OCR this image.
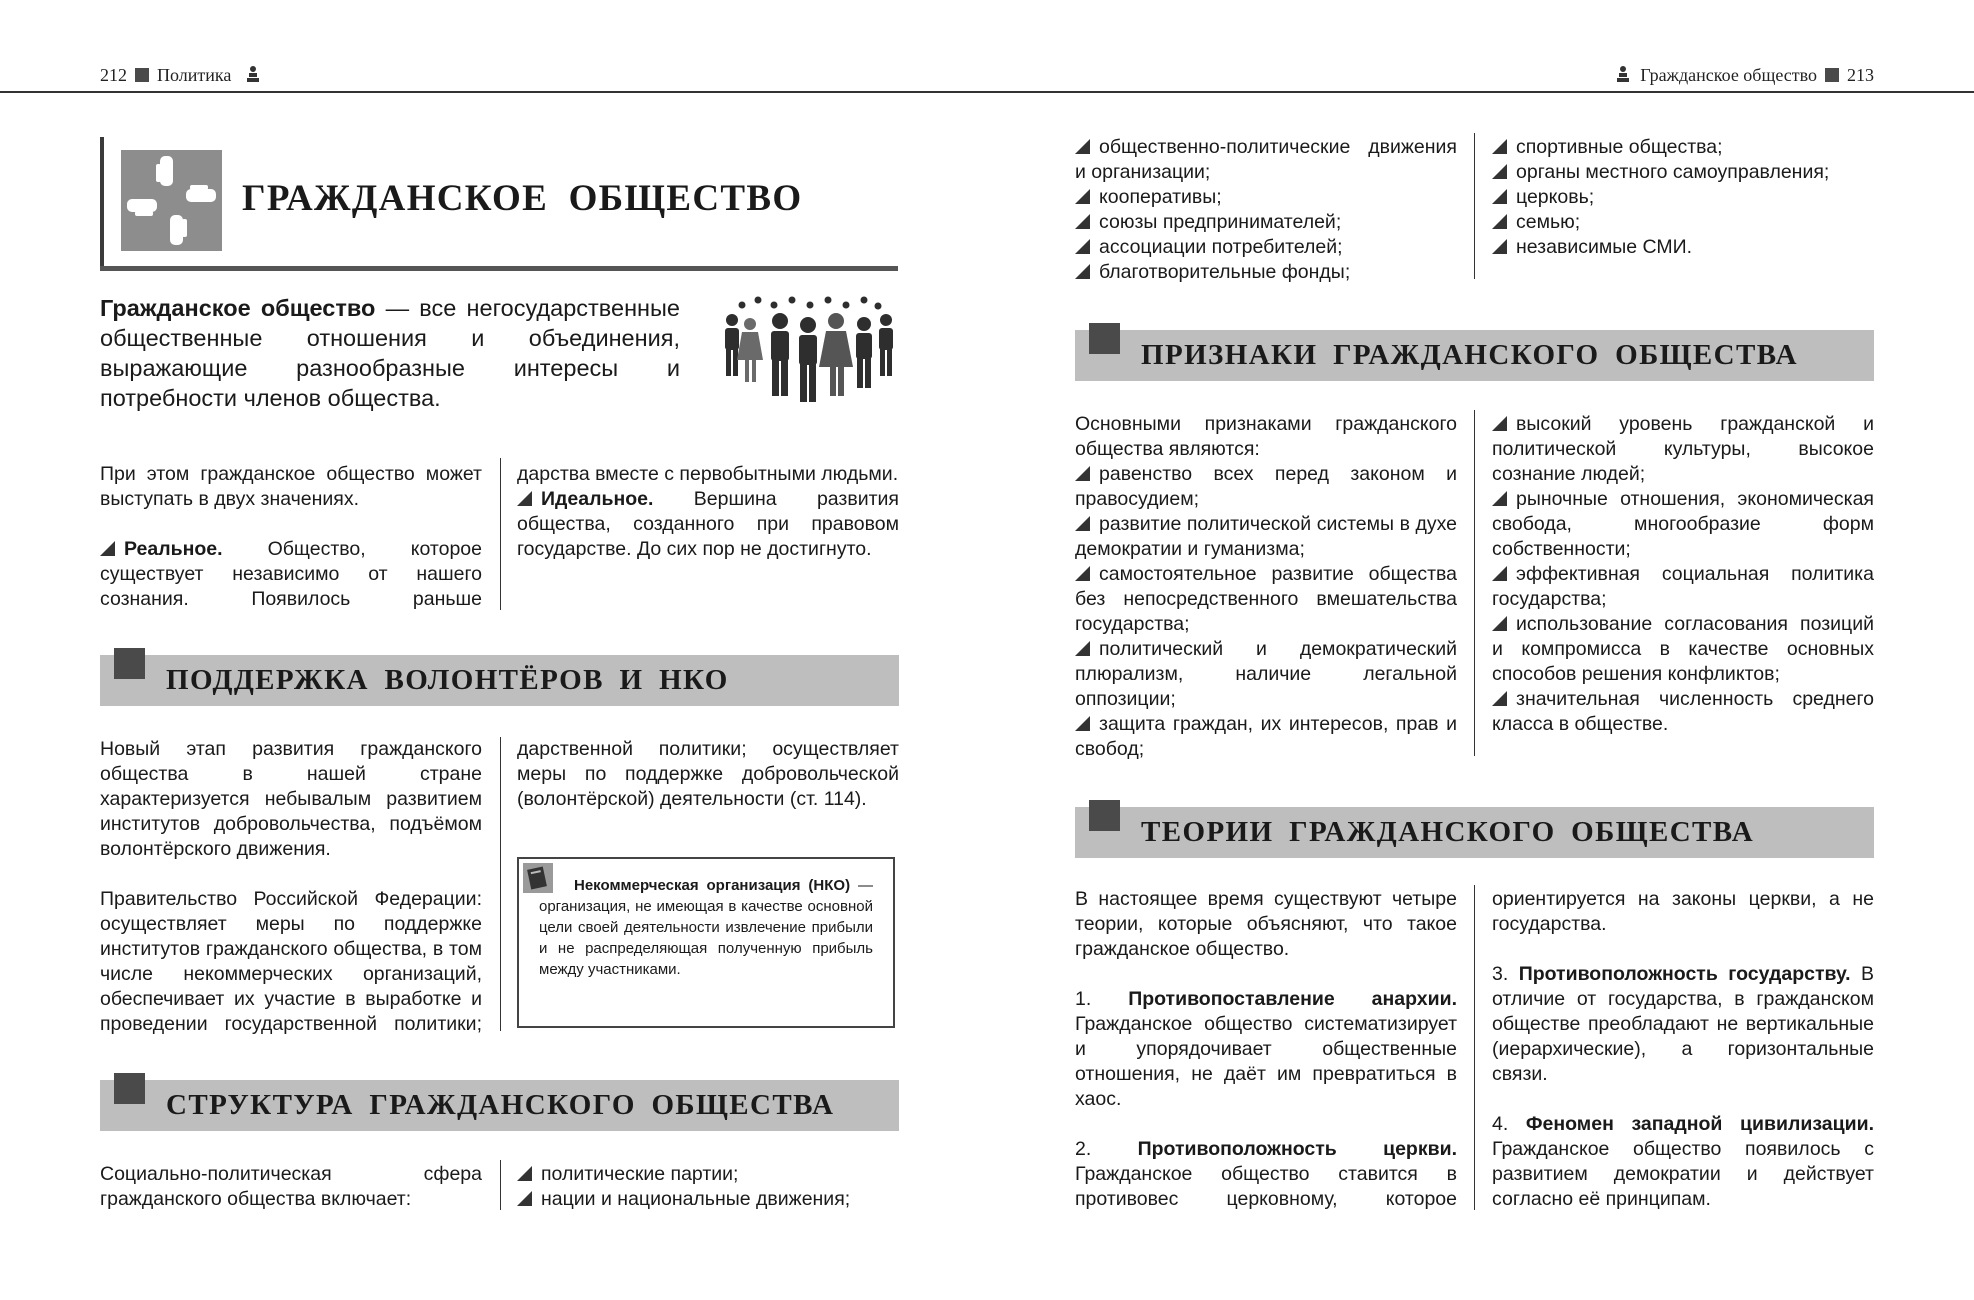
212 Политика	Гражданское общество 213
ГРАЖДАНСКОЕ ОБЩЕСТВО
Гражданское общество — все негосударственные общественные отношения и объединения, выражающие разнообразные интересы и потребности членов общества.

При этом гражданское общество может выступать в двух значениях.

Реальное. Общество, которое существует независимо от нашего сознания. Появилось раньше

дарства вместе с первобытными людьми.

Идеальное. Вершина развития общества, созданного при правовом государстве. До сих пор не достигнуто.

ПОДДЕРЖКА ВОЛОНТЁРОВ И НКО

Новый этап развития гражданского общества в нашей стране характеризуется небывалым развитием институтов добровольчества, подъёмом волонтёрского движения.

Правительство Российской Федерации: осуществляет меры по поддержке институтов гражданского общества, в том числе некоммерческих организаций, обеспечивает их участие в выработке и проведении государственной политики;

дарственной политики; осуществляет меры по поддержке добровольческой (волонтёрской) деятельности (ст. 114).

Некоммерческая организация (НКО) — организация, не имеющая в качестве основной цели своей деятельности извлечение прибыли и не распределяющая полученную прибыль между участниками.
СТРУКТУРА ГРАЖДАНСКОГО ОБЩЕСТВА
Социально-политическая сфера гражданского общества включает:

политические партии;

нации и национальные движения;

общественно-политические движения и организации;

кооперативы;

союзы предпринимателей;

ассоциации потребителей;

благотворительные фонды;

спортивные общества;

органы местного самоуправления;

церковь;

семью;

независимые СМИ.

ПРИЗНАКИ ГРАЖДАНСКОГО ОБЩЕСТВА

Основными признаками гражданского общества являются:

равенство всех перед законом и правосудием;

развитие политической системы в духе демократии и гуманизма;

самостоятельное развитие общества без непосредственного вмешательства государства;

политический и демократический плюрализм, наличие легальной оппозиции;

защита граждан, их интересов, прав и свобод;

высокий уровень гражданской и политической культуры, высокое сознание людей;

рыночные отношения, экономическая свобода, многообразие форм собственности;

эффективная социальная политика государства;

использование согласования позиций и компромисса в качестве основных способов решения конфликтов;

значительная численность среднего класса в обществе.

ТЕОРИИ ГРАЖДАНСКОГО ОБЩЕСТВА

В настоящее время существуют четыре теории, которые объясняют, что такое гражданское общество.

1. Противопоставление анархии. Гражданское общество систематизирует и упорядочивает общественные отношения, не даёт им превратиться в хаос.

2. Противоположность церкви. Гражданское общество ставится в противовес церковному, которое

ориентируется на законы церкви, а не государства.

3. Противоположность государству. В отличие от государства, в гражданском обществе преобладают не вертикальные (иерархические), а горизонтальные связи.

4. Феномен западной цивилизации. Гражданское общество появилось с развитием демократии и действует согласно её принципам.
